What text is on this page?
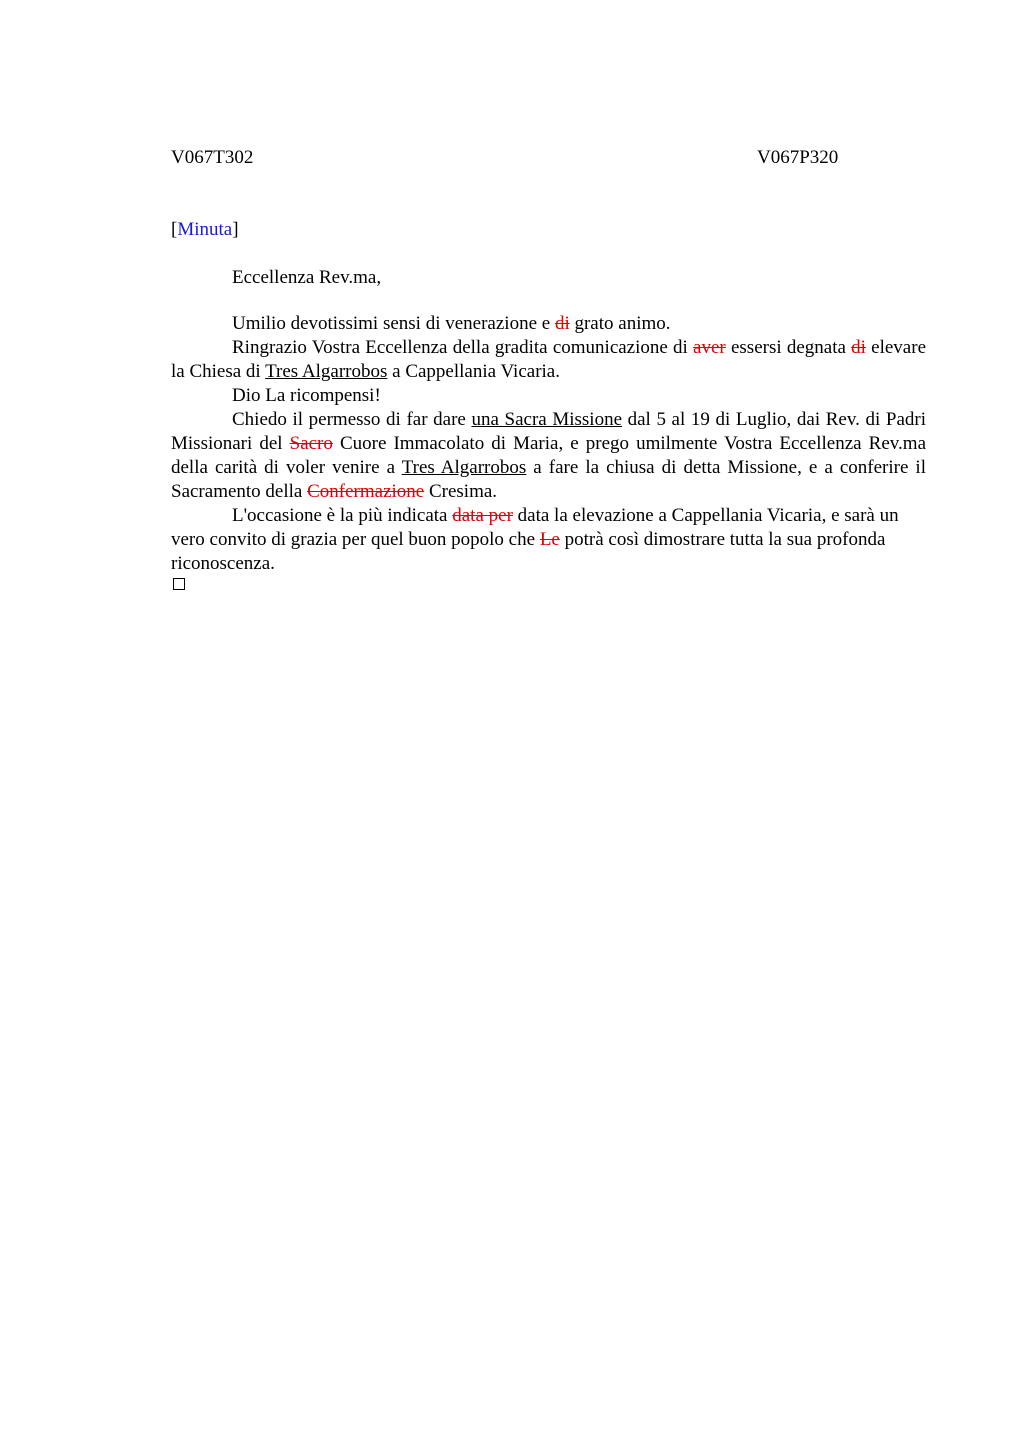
V067T302	V067P320
[Minuta]
Eccellenza Rev.ma,

Umilio devotissimi sensi di venerazione e di grato animo.

Ringrazio Vostra Eccellenza della gradita comunicazione di aver essersi degnata di elevare la Chiesa di Tres Algarrobos a Cappellania Vicaria.

Dio La ricompensi!

Chiedo il permesso di far dare una Sacra Missione dal 5 al 19 di Luglio, dai Rev. di Padri Missionari del Sacro Cuore Immacolato di Maria, e prego umilmente Vostra Eccellenza Rev.ma della carità di voler venire a Tres Algarrobos a fare la chiusa di detta Missione, e a conferire il Sacramento della Confermazione Cresima.

L'occasione è la più indicata data per data la elevazione a Cappellania Vicaria, e sarà un vero convito di grazia per quel buon popolo che Le potrà così dimostrare tutta la sua profonda riconoscenza.
